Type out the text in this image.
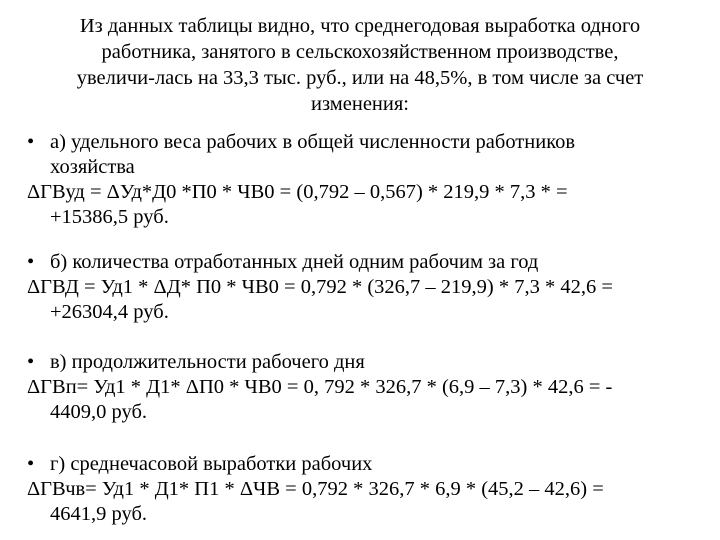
Из данных таблицы видно, что среднегодовая выработка одного
работника, занятого в сельскохозяйственном производстве,
увеличи-лась на 33,3 тыс. руб., или на 48,5%, в том числе за счет
изменения:
• а) удельного веса рабочих в общей численности работников
хозяйства
ΔГВуд = ΔУд*Д0 *П0 * ЧВ0 = (0,792 – 0,567) * 219,9 * 7,3 * =
+15386,5 руб.
• б) количества отработанных дней одним рабочим за год
ΔГВД = Уд1 * ΔД* П0 * ЧВ0 = 0,792 * (326,7 – 219,9) * 7,3 * 42,6 =
+26304,4 руб.
• в) продолжительности рабочего дня
ΔГВп= Уд1 * Д1* ΔП0 * ЧВ0 = 0, 792 * 326,7 * (6,9 – 7,3) * 42,6 = -
4409,0 руб.
• г) среднечасовой выработки рабочих
ΔГВчв= Уд1 * Д1* П1 * ΔЧВ = 0,792 * 326,7 * 6,9 * (45,2 – 42,6) =
4641,9 руб.
